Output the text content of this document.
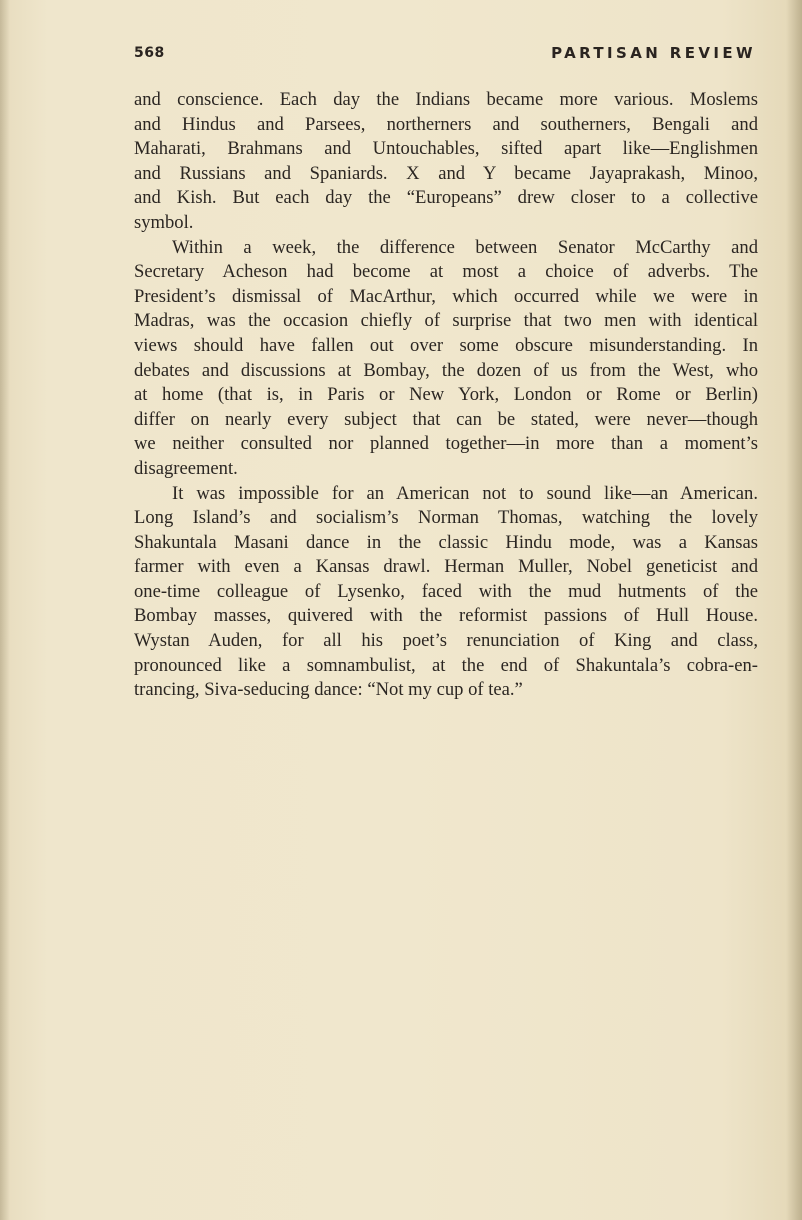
568	PARTISAN REVIEW

and conscience. Each day the Indians became more various. Moslems
and Hindus and Parsees, northerners and southerners, Bengali and
Maharati, Brahmans and Untouchables, sifted apart like—Englishmen
and Russians and Spaniards. X and Y became Jayaprakash, Minoo,
and Kish. But each day the “Europeans” drew closer to a collective
symbol.

Within a week, the difference between Senator McCarthy and
Secretary Acheson had become at most a choice of adverbs. The
President’s dismissal of MacArthur, which occurred while we were in
Madras, was the occasion chiefly of surprise that two men with identical
views should have fallen out over some obscure misunderstanding. In
debates and discussions at Bombay, the dozen of us from the West, who
at home (that is, in Paris or New York, London or Rome or Berlin)
differ on nearly every subject that can be stated, were never—though
we neither consulted nor planned together—in more than a moment’s
disagreement.

It was impossible for an American not to sound like—an American.
Long Island’s and socialism’s Norman Thomas, watching the lovely
Shakuntala Masani dance in the classic Hindu mode, was a Kansas
farmer with even a Kansas drawl. Herman Muller, Nobel geneticist and
one-time colleague of Lysenko, faced with the mud hutments of the
Bombay masses, quivered with the reformist passions of Hull House.
Wystan Auden, for all his poet’s renunciation of King and class,
pronounced like a somnambulist, at the end of Shakuntala’s cobra-en-
trancing, Siva-seducing dance: “Not my cup of tea.”
